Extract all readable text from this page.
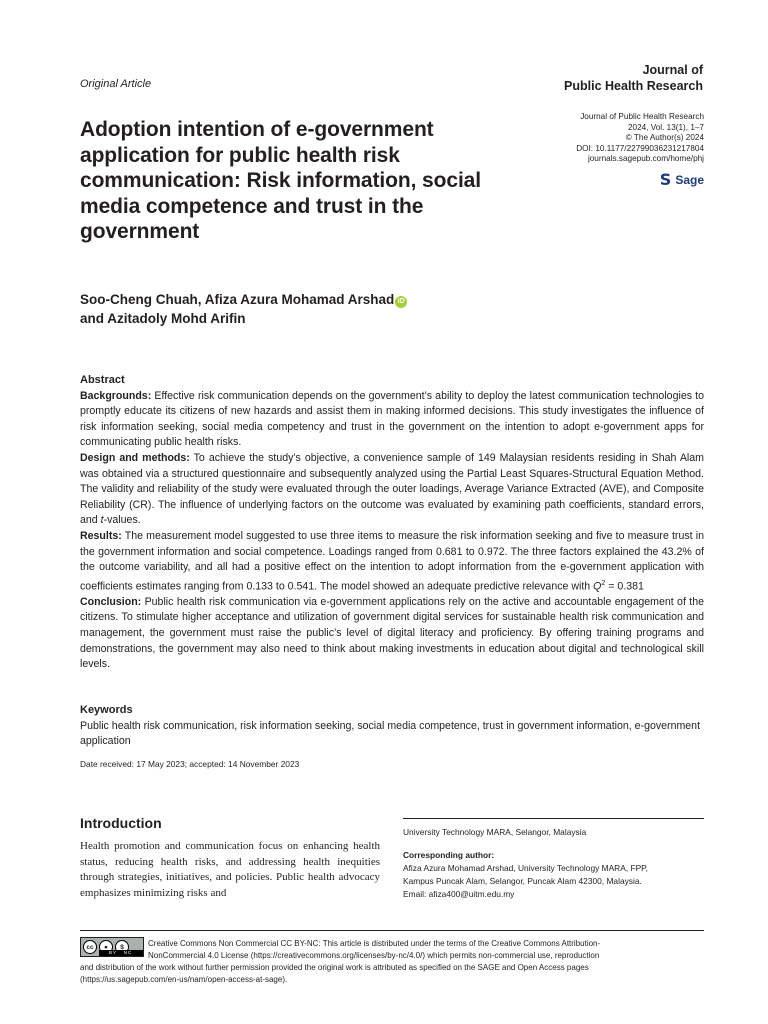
Original Article
Journal of
Public Health Research
Adoption intention of e-government application for public health risk communication: Risk information, social media competence and trust in the government
Journal of Public Health Research
2024, Vol. 13(1), 1–7
© The Author(s) 2024
DOI: 10.1177/22799036231217804
journals.sagepub.com/home/phj
S Sage
Soo-Cheng Chuah, Afiza Azura Mohamad Arshad iD
and Azitadoly Mohd Arifin
Abstract

Backgrounds: Effective risk communication depends on the government’s ability to deploy the latest communication technologies to promptly educate its citizens of new hazards and assist them in making informed decisions. This study investigates the influence of risk information seeking, social media competency and trust in the government on the intention to adopt e-government apps for communicating public health risks.

Design and methods: To achieve the study’s objective, a convenience sample of 149 Malaysian residents residing in Shah Alam was obtained via a structured questionnaire and subsequently analyzed using the Partial Least Squares-Structural Equation Method. The validity and reliability of the study were evaluated through the outer loadings, Average Variance Extracted (AVE), and Composite Reliability (CR). The influence of underlying factors on the outcome was evaluated by examining path coefficients, standard errors, and t-values.

Results: The measurement model suggested to use three items to measure the risk information seeking and five to measure trust in the government information and social competence. Loadings ranged from 0.681 to 0.972. The three factors explained the 43.2% of the outcome variability, and all had a positive effect on the intention to adopt information from the e-government application with coefficients estimates ranging from 0.133 to 0.541. The model showed an adequate predictive relevance with $Q^2 = 0.381$

Conclusion: Public health risk communication via e-government applications rely on the active and accountable engagement of the citizens. To stimulate higher acceptance and utilization of government digital services for sustainable health risk communication and management, the government must raise the public’s level of digital literacy and proficiency. By offering training programs and demonstrations, the government may also need to think about making investments in education about digital and technological skill levels.

Keywords
Public health risk communication, risk information seeking, social media competence, trust in government information, e-government application
Date received: 17 May 2023; accepted: 14 November 2023
Introduction
Health promotion and communication focus on enhancing health status, reducing health risks, and addressing health inequities through strategies, initiatives, and policies. Public health advocacy emphasizes minimizing risks and
University Technology MARA, Selangor, Malaysia
Corresponding author:
Afiza Azura Mohamad Arshad, University Technology MARA, FPP,
Kampus Puncak Alam, Selangor, Puncak Alam 42300, Malaysia.
Email: afiza400@uitm.edu.my
cc	●	$
BY NC
Creative Commons Non Commercial CC BY-NC: This article is distributed under the terms of the Creative Commons Attribution-
NonCommercial 4.0 License (https://creativecommons.org/licenses/by-nc/4.0/) which permits non-commercial use, reproduction
and distribution of the work without further permission provided the original work is attributed as specified on the SAGE and Open Access pages
(https://us.sagepub.com/en-us/nam/open-access-at-sage).
